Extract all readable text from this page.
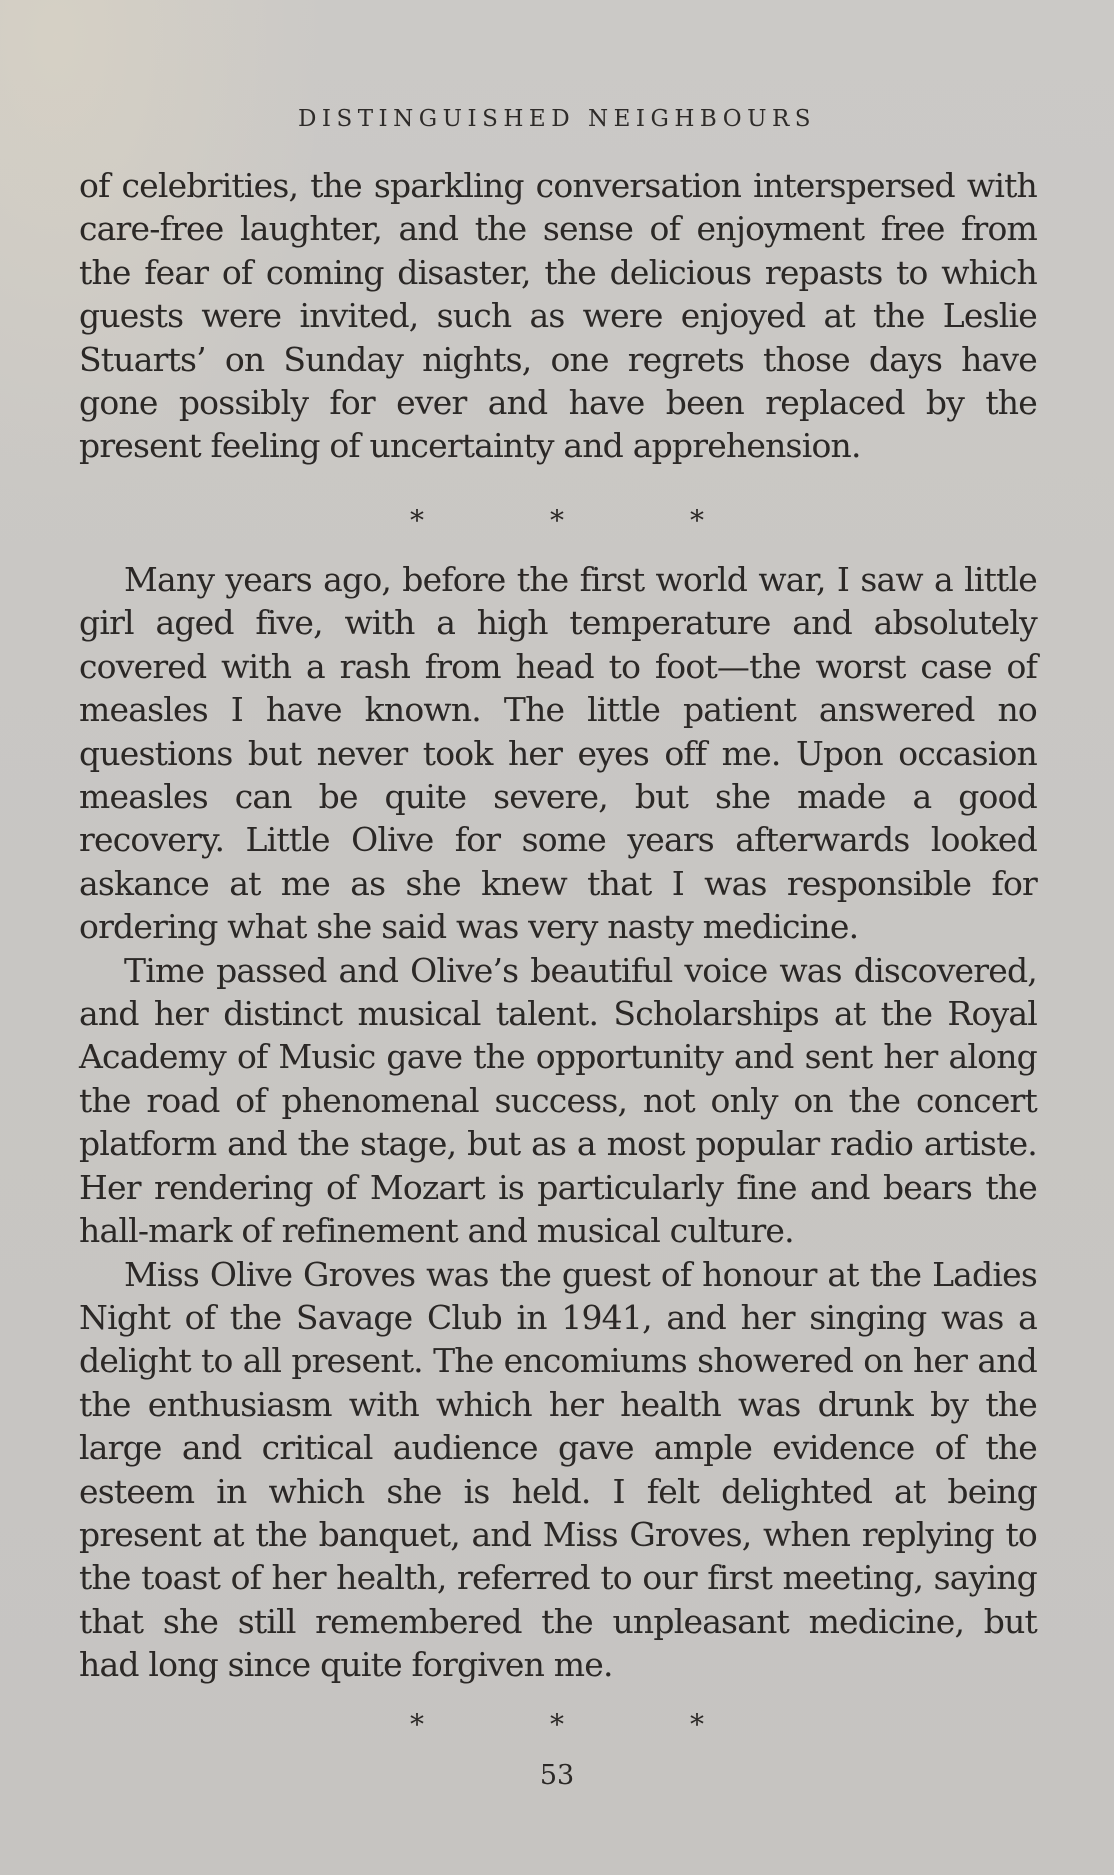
DISTINGUISHED NEIGHBOURS

of celebrities, the sparkling conversation interspersed with care-free laughter, and the sense of enjoyment free from the fear of coming disaster, the delicious repasts to which guests were invited, such as were enjoyed at the Leslie Stuarts’ on Sunday nights, one regrets those days have gone possibly for ever and have been replaced by the present feeling of uncertainty and apprehension.

*	*	*

Many years ago, before the first world war, I saw a little girl aged five, with a high temperature and absolutely covered with a rash from head to foot—the worst case of measles I have known. The little patient answered no questions but never took her eyes off me. Upon occasion measles can be quite severe, but she made a good recovery. Little Olive for some years afterwards looked askance at me as she knew that I was responsible for ordering what she said was very nasty medicine.

Time passed and Olive’s beautiful voice was discovered, and her distinct musical talent. Scholarships at the Royal Academy of Music gave the opportunity and sent her along the road of phenomenal success, not only on the concert platform and the stage, but as a most popular radio artiste. Her rendering of Mozart is particularly fine and bears the hall-mark of refinement and musical culture.

Miss Olive Groves was the guest of honour at the Ladies Night of the Savage Club in 1941, and her singing was a delight to all present. The encomiums showered on her and the enthusiasm with which her health was drunk by the large and critical audience gave ample evidence of the esteem in which she is held. I felt delighted at being present at the banquet, and Miss Groves, when replying to the toast of her health, referred to our first meeting, saying that she still remembered the unpleasant medicine, but had long since quite forgiven me.

*	*	*
53
